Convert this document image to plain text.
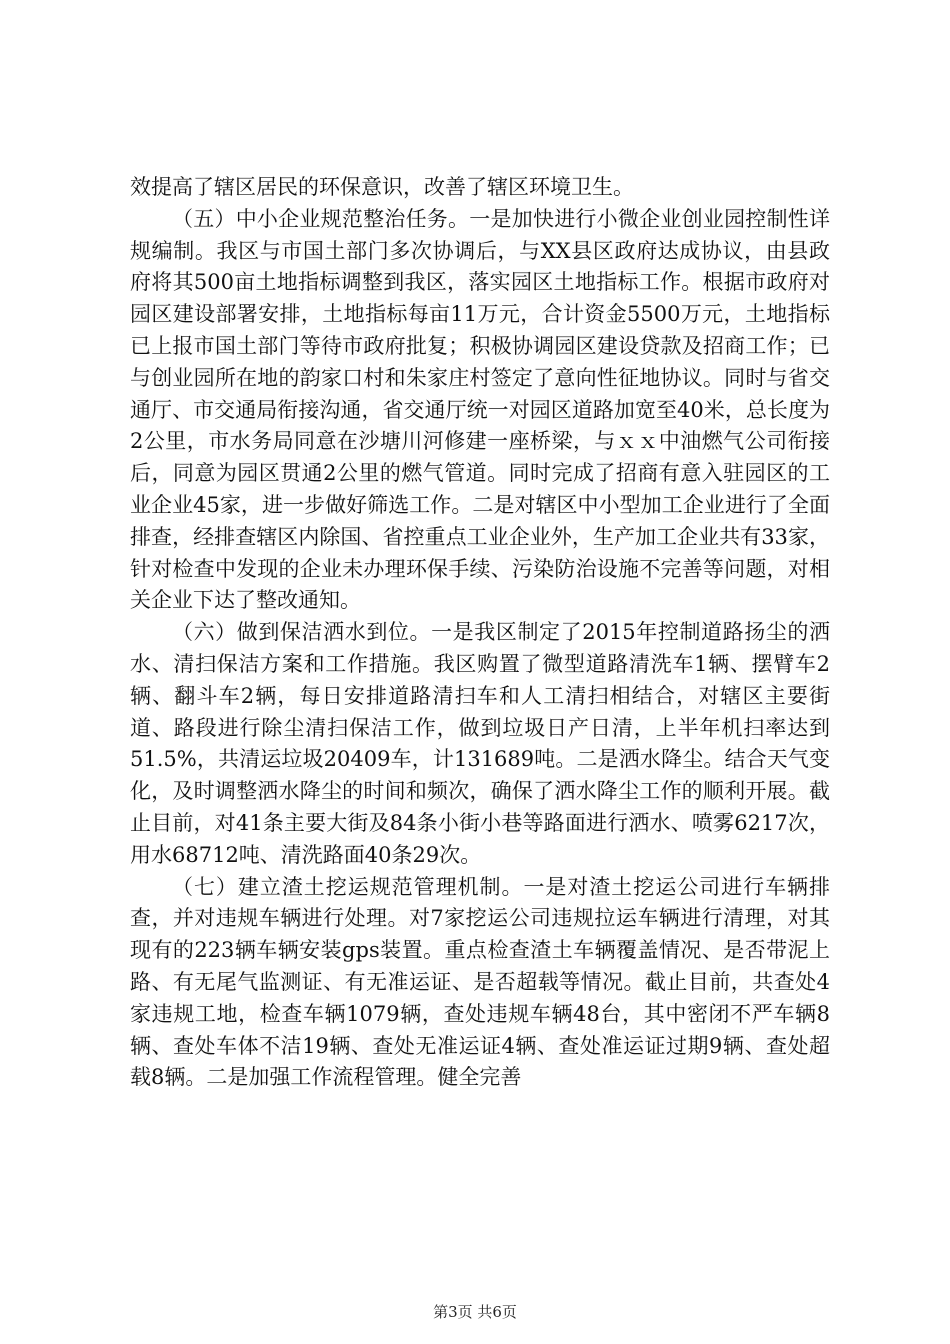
效提高了辖区居民的环保意识，改善了辖区环境卫生。

（五）中小企业规范整治任务。一是加快进行小微企业创业园控制性详规编制。我区与市国土部门多次协调后，与XX县区政府达成协议，由县政府将其500亩土地指标调整到我区，落实园区土地指标工作。根据市政府对园区建设部署安排，土地指标每亩11万元，合计资金5500万元，土地指标已上报市国土部门等待市政府批复；积极协调园区建设贷款及招商工作；已与创业园所在地的韵家口村和朱家庄村签定了意向性征地协议。同时与省交通厅、市交通局衔接沟通，省交通厅统一对园区道路加宽至40米，总长度为2公里，市水务局同意在沙塘川河修建一座桥梁，与ｘｘ中油燃气公司衔接后，同意为园区贯通2公里的燃气管道。同时完成了招商有意入驻园区的工业企业45家，进一步做好筛选工作。二是对辖区中小型加工企业进行了全面排查，经排查辖区内除国、省控重点工业企业外，生产加工企业共有33家，针对检查中发现的企业未办理环保手续、污染防治设施不完善等问题，对相关企业下达了整改通知。

（六）做到保洁洒水到位。一是我区制定了2015年控制道路扬尘的洒水、清扫保洁方案和工作措施。我区购置了微型道路清洗车1辆、摆臂车2辆、翻斗车2辆，每日安排道路清扫车和人工清扫相结合，对辖区主要街道、路段进行除尘清扫保洁工作，做到垃圾日产日清，上半年机扫率达到51.5%，共清运垃圾20409车，计131689吨。二是洒水降尘。结合天气变化，及时调整洒水降尘的时间和频次，确保了洒水降尘工作的顺利开展。截止目前，对41条主要大街及84条小街小巷等路面进行洒水、喷雾6217次，用水68712吨、清洗路面40条29次。

（七）建立渣土挖运规范管理机制。一是对渣土挖运公司进行车辆排查，并对违规车辆进行处理。对7家挖运公司违规拉运车辆进行清理，对其现有的223辆车辆安装gps装置。重点检查渣土车辆覆盖情况、是否带泥上路、有无尾气监测证、有无准运证、是否超载等情况。截止目前，共查处4家违规工地，检查车辆1079辆，查处违规车辆48台，其中密闭不严车辆8辆、查处车体不洁19辆、查处无准运证4辆、查处准运证过期9辆、查处超载8辆。二是加强工作流程管理。健全完善

第3页 共6页
